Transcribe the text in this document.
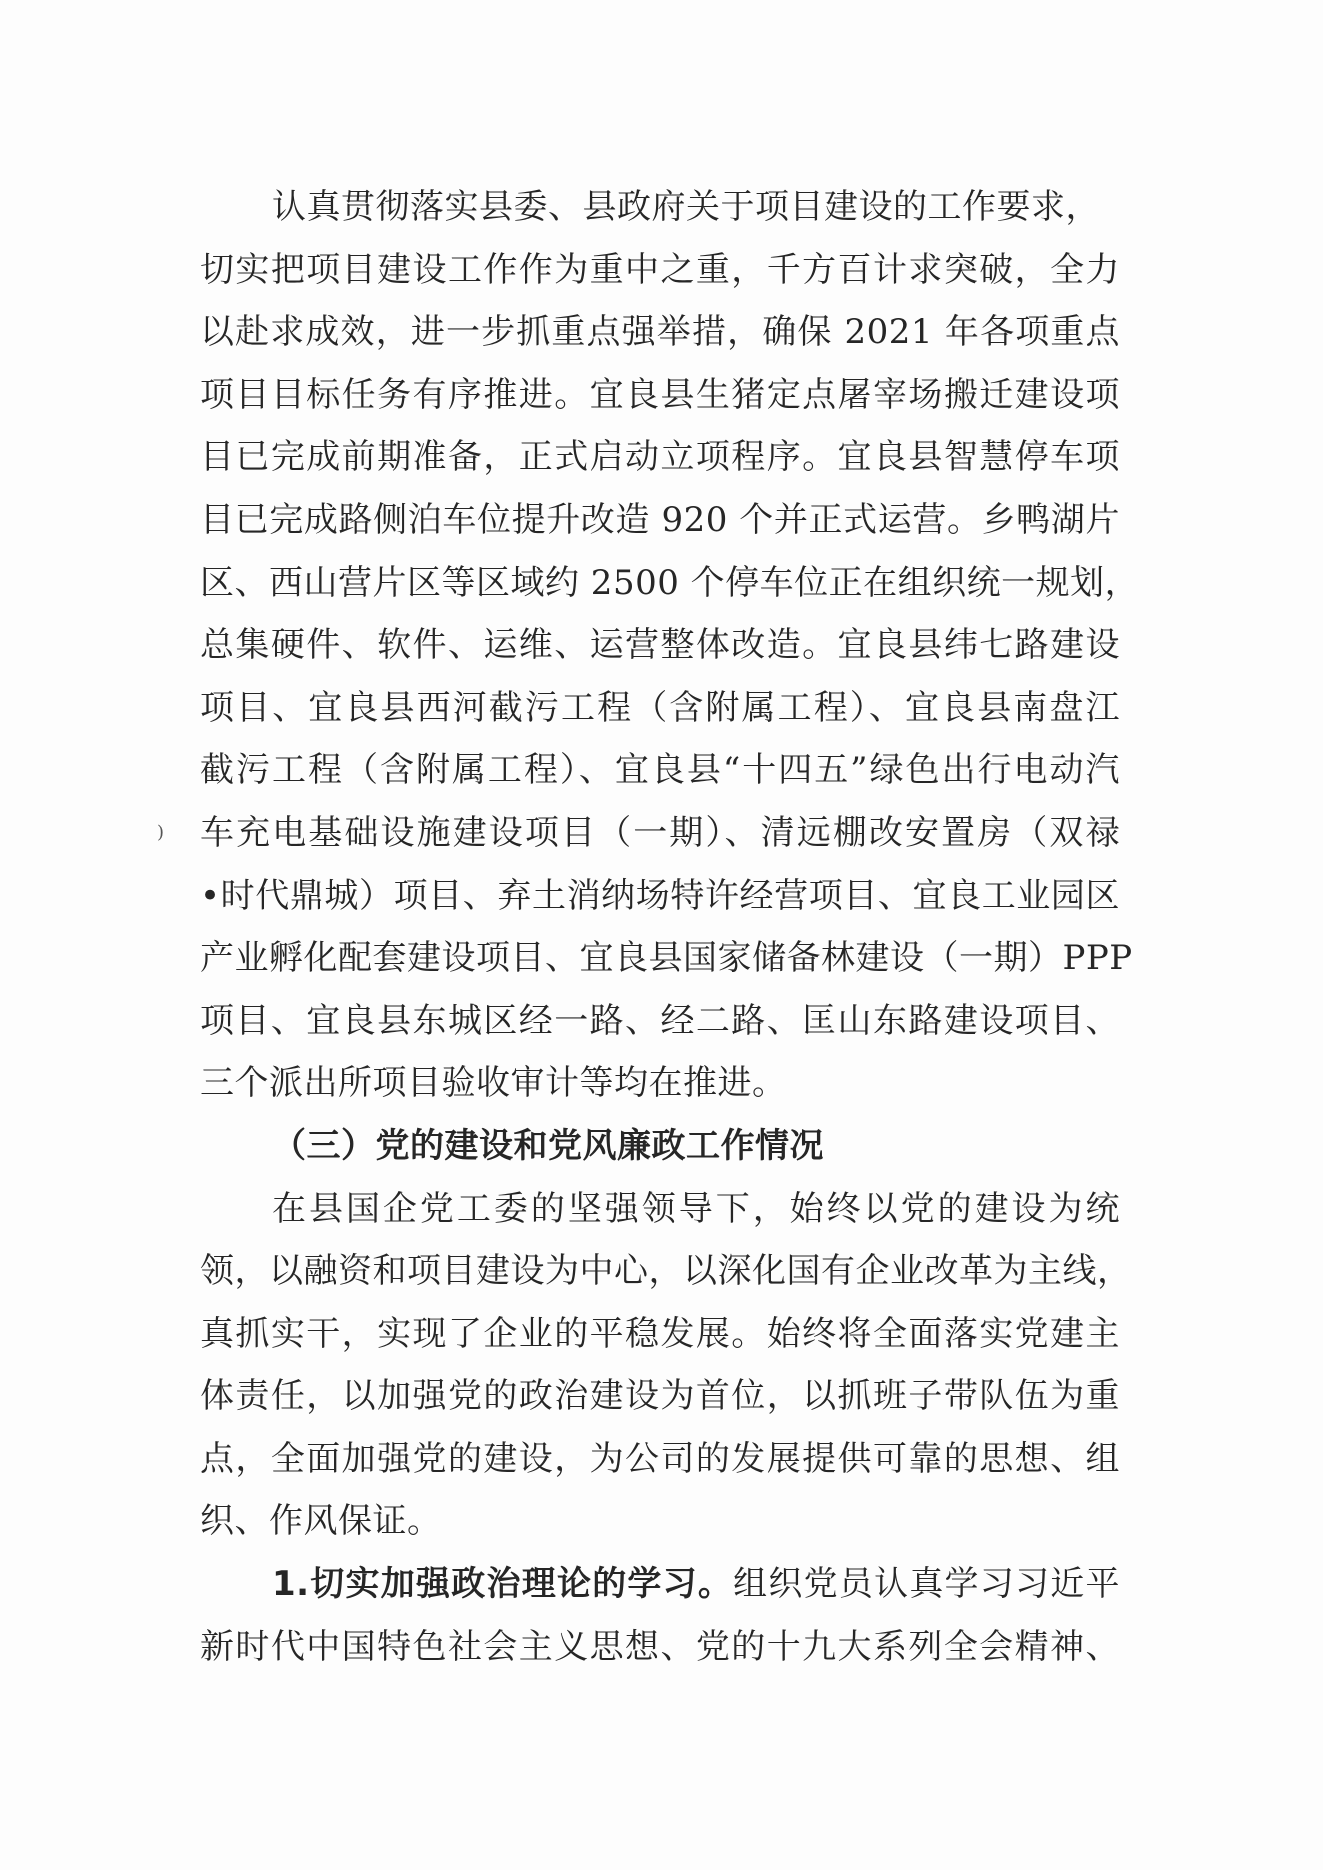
)
认真贯彻落实县委、县政府关于项目建设的工作要求，
切实把项目建设工作作为重中之重，千方百计求突破，全力
以赴求成效，进一步抓重点强举措，确保 2021 年各项重点
项目目标任务有序推进。宜良县生猪定点屠宰场搬迁建设项
目已完成前期准备，正式启动立项程序。宜良县智慧停车项
目已完成路侧泊车位提升改造 920 个并正式运营。乡鸭湖片
区、西山营片区等区域约 2500 个停车位正在组织统一规划，
总集硬件、软件、运维、运营整体改造。宜良县纬七路建设
项目、宜良县西河截污工程（含附属工程）、宜良县南盘江
截污工程（含附属工程）、宜良县“十四五”绿色出行电动汽
车充电基础设施建设项目（一期）、清远棚改安置房（双禄
•时代鼎城）项目、弃土消纳场特许经营项目、宜良工业园区
产业孵化配套建设项目、宜良县国家储备林建设（一期）PPP
项目、宜良县东城区经一路、经二路、匡山东路建设项目、
三个派出所项目验收审计等均在推进。
（三）党的建设和党风廉政工作情况
在县国企党工委的坚强领导下，始终以党的建设为统
领，以融资和项目建设为中心，以深化国有企业改革为主线，
真抓实干，实现了企业的平稳发展。始终将全面落实党建主
体责任，以加强党的政治建设为首位，以抓班子带队伍为重
点，全面加强党的建设，为公司的发展提供可靠的思想、组
织、作风保证。
1.切实加强政治理论的学习。组织党员认真学习习近平
新时代中国特色社会主义思想、党的十九大系列全会精神、
